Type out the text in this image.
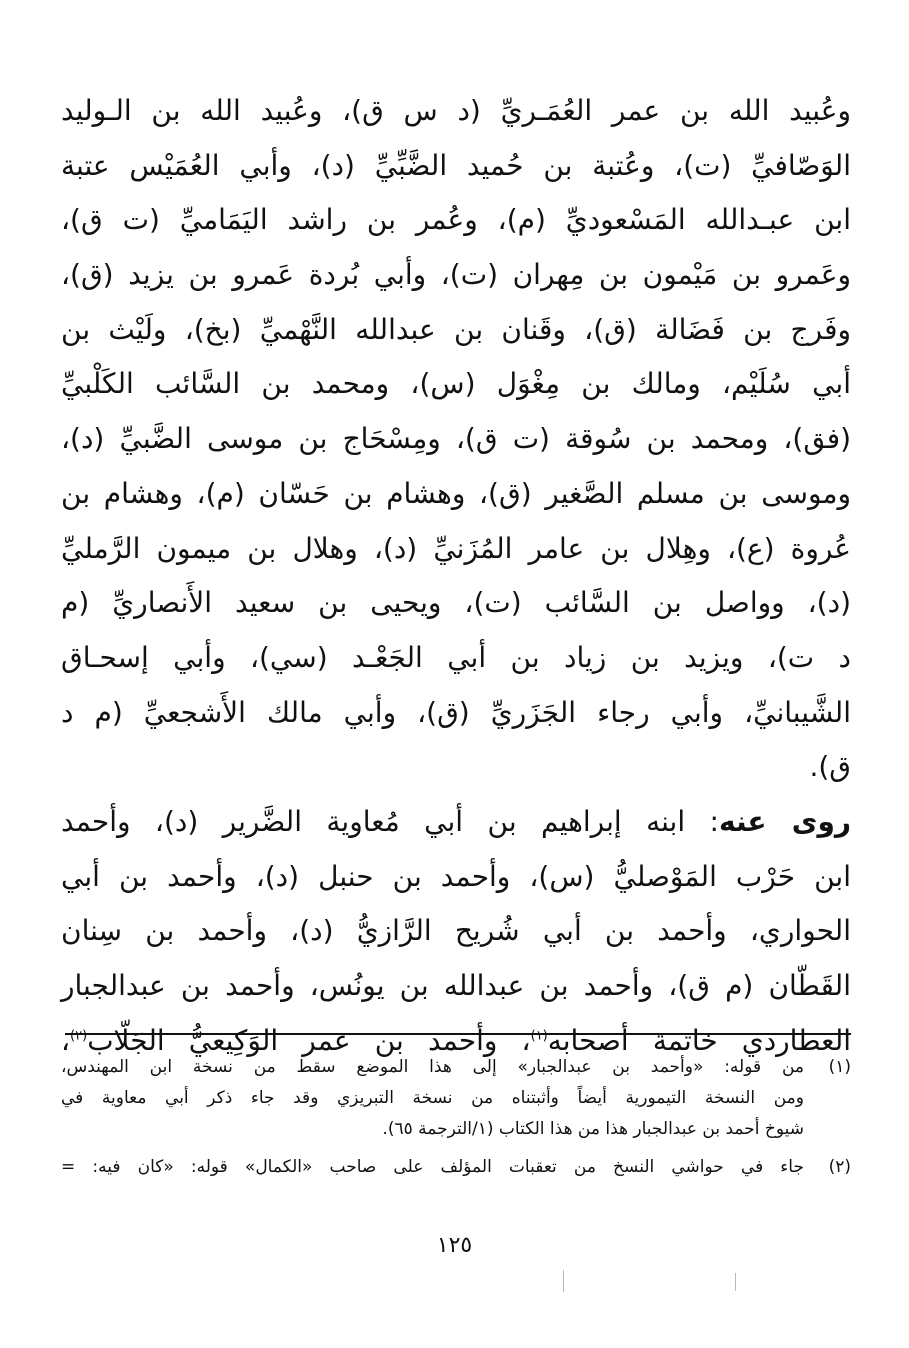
وعُبيد الله بن عمر العُمَـريِّ (د س ق)، وعُبيد الله بن الـوليد
الوَصّافيِّ (ت)، وعُتبة بن حُميد الضَّبِّيِّ (د)، وأبي العُمَيْس عتبة
ابن عبـدالله المَسْعوديِّ (م)، وعُمر بن راشد اليَمَاميِّ (ت ق)،
وعَمرو بن مَيْمون بن مِهران (ت)، وأبي بُردة عَمرو بن يزيد (ق)،
وفَرج بن فَضَالة (ق)، وقَنان بن عبدالله النَّهْميِّ (بخ)، ولَيْث بن
أبي سُلَيْم، ومالك بن مِغْوَل (س)، ومحمد بن السَّائب الكَلْبيِّ
(فق)، ومحمد بن سُوقة (ت ق)، ومِسْحَاج بن موسى الضَّبيِّ (د)،
وموسى بن مسلم الصَّغير (ق)، وهشام بن حَسّان (م)، وهشام بن
عُروة (ع)، وهِلال بن عامر المُزَنيِّ (د)، وهلال بن ميمون الرَّمليِّ
(د)، وواصل بن السَّائب (ت)، ويحيى بن سعيد الأَنصاريِّ (م
د ت)، ويزيد بن زياد بن أبي الجَعْـد (سي)، وأبي إسحـاق
الشَّيبانيِّ، وأبي رجاء الجَزَريِّ (ق)، وأبي مالك الأَشجعيِّ (م د
ق).
روى عنه: ابنه إبراهيم بن أبي مُعاوية الضَّرير (د)، وأحمد
ابن حَرْب المَوْصليُّ (س)، وأحمد بن حنبل (د)، وأحمد بن أبي
الحواري، وأحمد بن أبي شُريح الرَّازيُّ (د)، وأحمد بن سِنان
القَطّان (م ق)، وأحمد بن عبدالله بن يونُس، وأحمد بن عبدالجبار
العطاردي خاتمة أصحابه$^{(١)}$، وأحمد بن عمر الوَكِيعيُّ الجَلّاب$^{(٢)}$،
(١)من قوله: «وأحمد بن عبدالجبار» إلى هذا الموضع سقط من نسخة ابن المهندس،
ومن النسخة التيمورية أيضاً وأثبتناه من نسخة التبريزي وقد جاء ذكر أبي معاوية في
شيوخ أحمد بن عبدالجبار هذا من هذا الكتاب (١/الترجمة ٦٥).
(٢)جاء في حواشي النسخ من تعقبات المؤلف على صاحب «الكمال» قوله: «كان فيه: =
١٢٥
